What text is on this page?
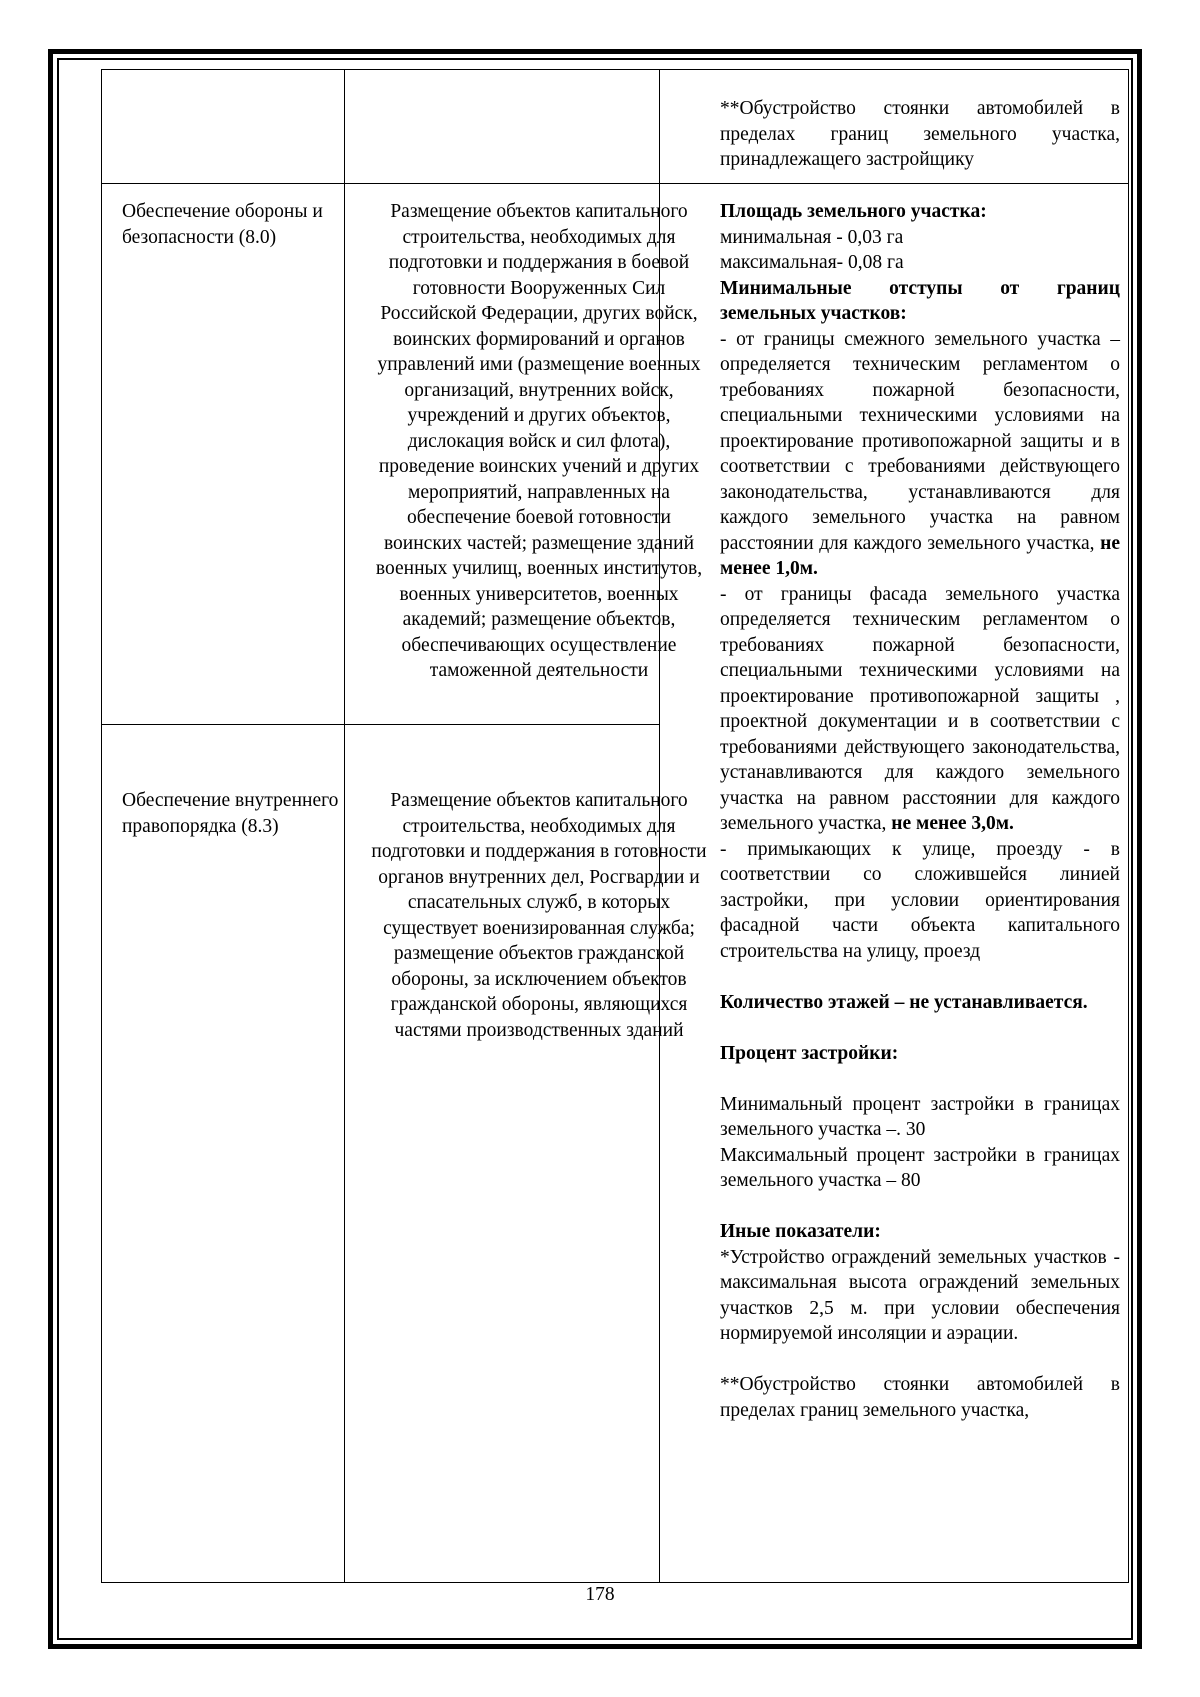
**Обустройство стоянки автомобилей в пределах границ земельного участка, принадлежащего застройщику

Обеспечение обороны и безопасности (8.0)
Размещение объектов капитального строительства, необходимых для подготовки и поддержания в боевой готовности Вооруженных Сил Российской Федерации, других войск, воинских формирований и органов управлений ими (размещение военных организаций, внутренних войск, учреждений и других объектов, дислокация войск и сил флота), проведение воинских учений и других мероприятий, направленных на обеспечение боевой готовности воинских частей; размещение зданий военных училищ, военных институтов, военных университетов, военных академий; размещение объектов, обеспечивающих осуществление таможенной деятельности
Обеспечение внутреннего правопорядка (8.3)
Размещение объектов капитального строительства, необходимых для подготовки и поддержания в готовности органов внутренних дел, Росгвардии и спасательных служб, в которых существует военизированная служба; размещение объектов гражданской обороны, за исключением объектов гражданской обороны, являющихся частями производственных зданий

Площадь земельного участка:

минимальная - 0,03 га

максимальная- 0,08 га

Минимальные отступы от границ земельных участков:

- от границы смежного земельного участка – определяется техническим регламентом о требованиях пожарной безопасности, специальными техническими условиями на проектирование противопожарной защиты и в соответствии с требованиями действующего законодательства, устанавливаются для каждого земельного участка на равном расстоянии для каждого земельного участка, не менее 1,0м.

- от границы фасада земельного участка определяется техническим регламентом о требованиях пожарной безопасности, специальными техническими условиями на проектирование противопожарной защиты , проектной документации и в соответствии с требованиями действующего законодательства, устанавливаются для каждого земельного участка на равном расстоянии для каждого земельного участка, не менее 3,0м.

- примыкающих к улице, проезду - в соответствии со сложившейся линией застройки, при условии ориентирования фасадной части объекта капитального строительства на улицу, проезд

Количество этажей – не устанавливается.

Процент застройки:

Минимальный процент застройки в границах земельного участка –. 30

Максимальный процент застройки в границах земельного участка – 80

Иные показатели:

*Устройство ограждений земельных участков - максимальная высота ограждений земельных участков 2,5 м. при условии обеспечения нормируемой инсоляции и аэрации.

**Обустройство стоянки автомобилей в пределах границ земельного участка,

178
